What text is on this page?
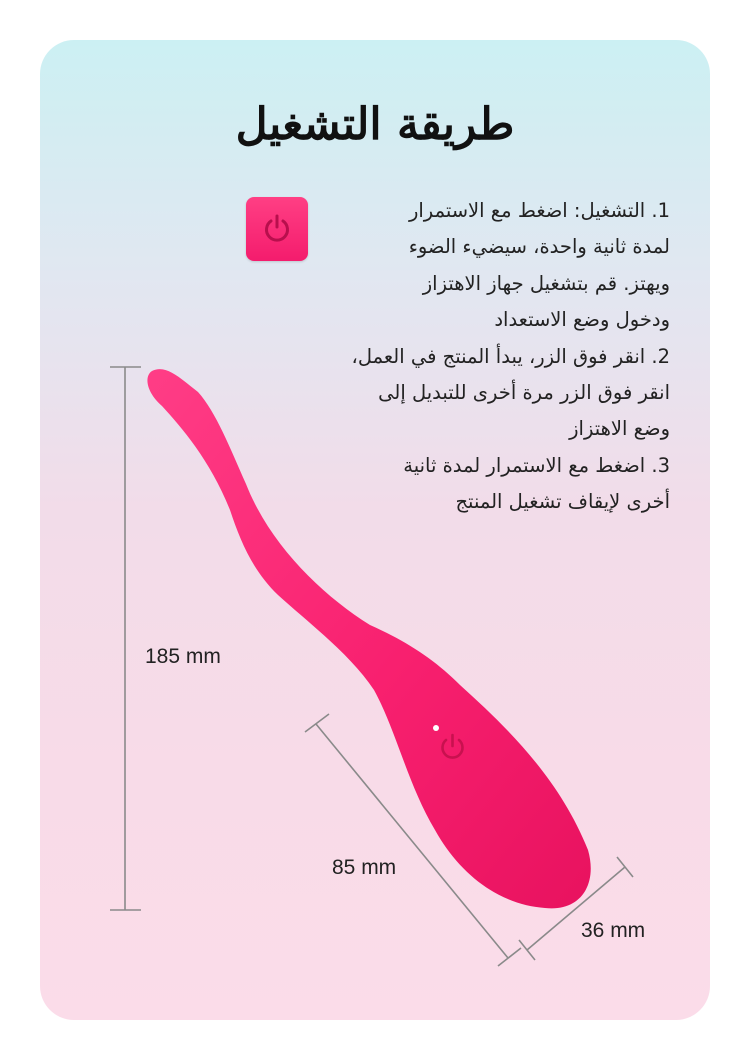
طريقة التشغيل
1. التشغيل: اضغط مع الاستمرار
لمدة ثانية واحدة، سيضيء الضوء
ويهتز. قم بتشغيل جهاز الاهتزاز
ودخول وضع الاستعداد
2. انقر فوق الزر، يبدأ المنتج في العمل،
انقر فوق الزر مرة أخرى للتبديل إلى
وضع الاهتزاز
3. اضغط مع الاستمرار لمدة ثانية
أخرى لإيقاف تشغيل المنتج
185 mm
85 mm
36 mm
